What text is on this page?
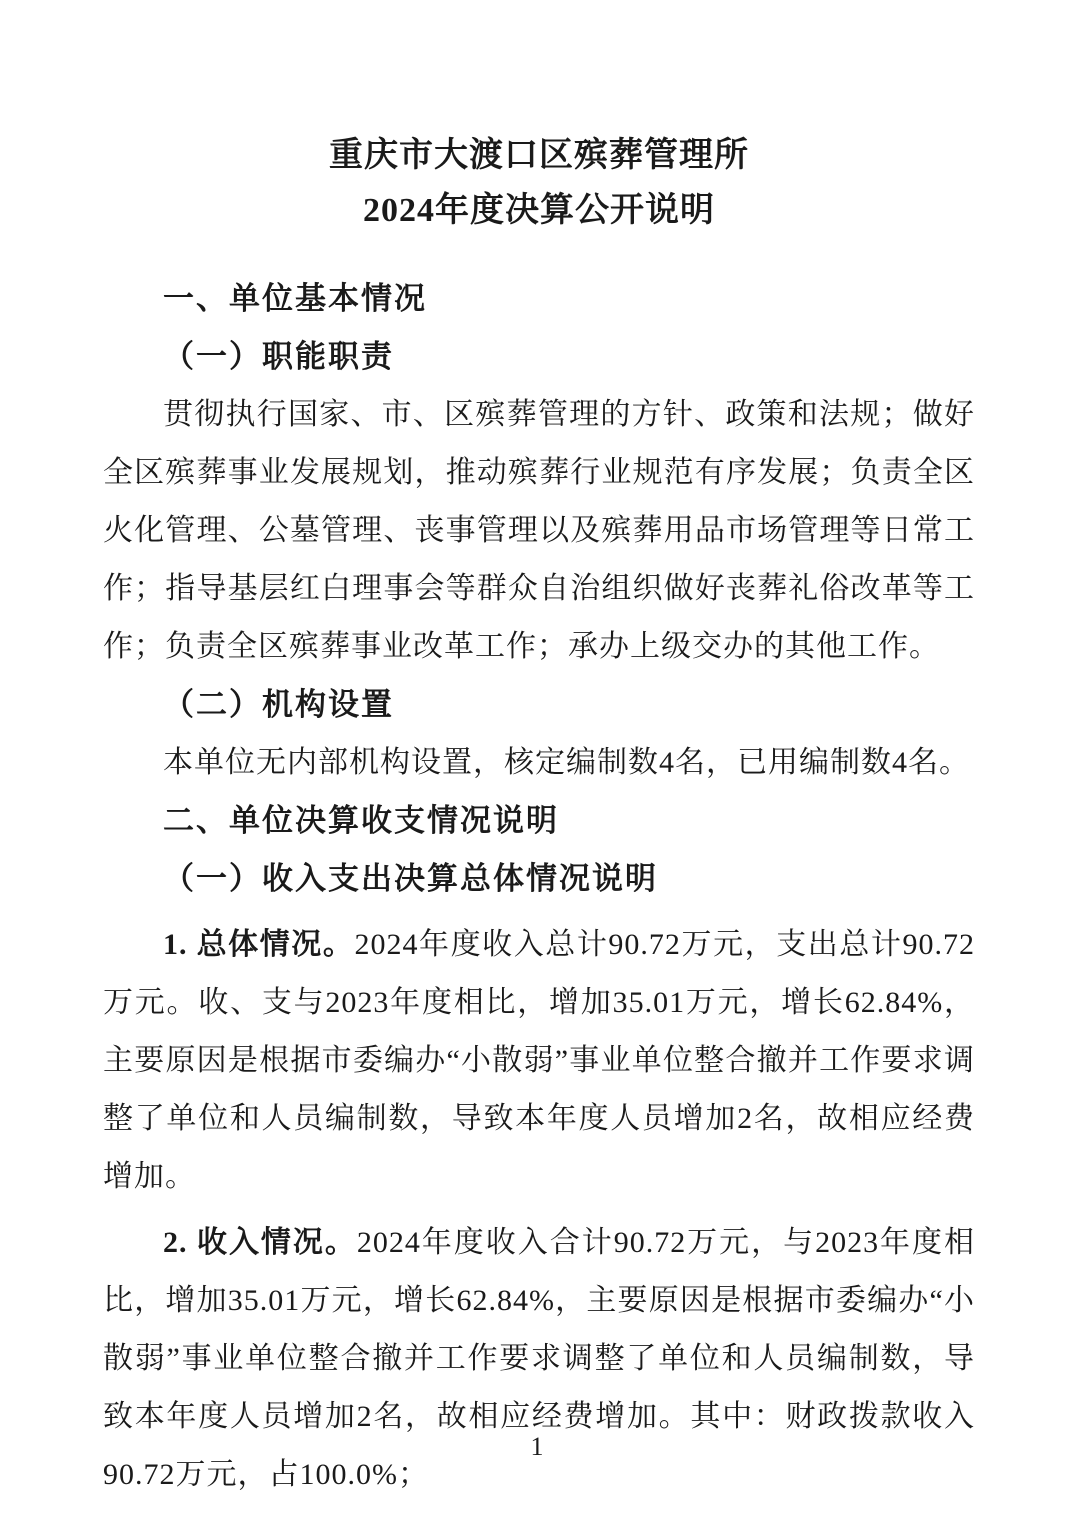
重庆市大渡口区殡葬管理所
2024年度决算公开说明
一、单位基本情况
（一）职能职责

贯彻执行国家、市、区殡葬管理的方针、政策和法规；做好全区殡葬事业发展规划，推动殡葬行业规范有序发展；负责全区火化管理、公墓管理、丧事管理以及殡葬用品市场管理等日常工作；指导基层红白理事会等群众自治组织做好丧葬礼俗改革等工作；负责全区殡葬事业改革工作；承办上级交办的其他工作。

（二）机构设置

本单位无内部机构设置，核定编制数4名，已用编制数4名。

二、单位决算收支情况说明
（一）收入支出决算总体情况说明

1. 总体情况。2024年度收入总计90.72万元，支出总计90.72万元。收、支与2023年度相比，增加35.01万元，增长62.84%，主要原因是根据市委编办“小散弱”事业单位整合撤并工作要求调整了单位和人员编制数，导致本年度人员增加2名，故相应经费增加。

2. 收入情况。2024年度收入合计90.72万元，与2023年度相比，增加35.01万元，增长62.84%，主要原因是根据市委编办“小散弱”事业单位整合撤并工作要求调整了单位和人员编制数，导致本年度人员增加2名，故相应经费增加。其中：财政拨款收入90.72万元，占100.0%；

1
